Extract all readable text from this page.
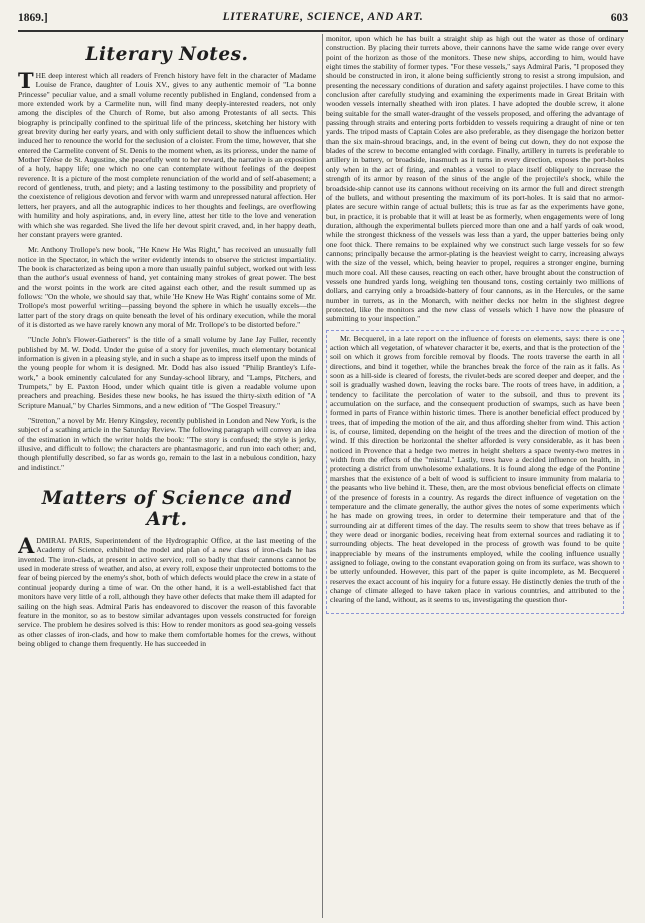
1869.]	LITERATURE, SCIENCE, AND ART.	603
Literary Notes.

THE deep interest which all readers of French history have felt in the character of Madame Louise de France, daughter of Louis XV., gives to any authentic memoir of "La bonne Princesse" peculiar value, and a small volume recently published in England, condensed from a more extended work by a Carmelite nun, will find many deeply-interested readers, not only among the disciples of the Church of Rome, but also among Protestants of all sects. This biography is principally confined to the spiritual life of the princess, sketching her history with great brevity during her early years, and with only sufficient detail to show the influences which induced her to renounce the world for the seclusion of a cloister. From the time, however, that she entered the Carmelite convent of St. Denis to the moment when, as its prioress, under the name of Mother Térèse de St. Augustine, she peacefully went to her reward, the narrative is an exposition of a holy, happy life; one which no one can contemplate without feelings of the deepest reverence. It is a picture of the most complete renunciation of the world and of self-abasement; a record of gentleness, truth, and piety; and a lasting testimony to the possibility and propriety of the coexistence of religious devotion and fervor with warm and unrepressed natural affection. Her letters, her prayers, and all the autographic indices to her thoughts and feelings, are overflowing with humility and holy aspirations, and, in every line, attest her title to the love and veneration with which she was regarded. She lived the life her devout spirit craved, and, in her happy death, her constant prayers were granted.

Mr. Anthony Trollope's new book, "He Knew He Was Right," has received an unusually full notice in the Spectator, in which the writer evidently intends to observe the strictest impartiality. The book is characterized as being upon a more than usually painful subject, worked out with less than the author's usual evenness of hand, yet containing many strokes of great power. The best and the worst points in the work are cited against each other, and the result summed up as follows: "On the whole, we should say that, while 'He Knew He Was Right' contains some of Mr. Trollope's most powerful writing—passing beyond the sphere in which he usually excels—the latter part of the story drags on quite beneath the level of his ordinary execution, while the moral of it is distorted as we have rarely known any moral of Mr. Trollope's to be distorted before."

"Uncle John's Flower-Gatherers" is the title of a small volume by Jane Jay Fuller, recently published by M. W. Dodd. Under the guise of a story for juveniles, much elementary botanical information is given in a pleasing style, and in such a shape as to impress itself upon the minds of the young people for whom it is designed. Mr. Dodd has also issued "Philip Brantley's Life-work," a book eminently calculated for any Sunday-school library, and "Lamps, Pitchers, and Trumpets," by E. Paxton Hood, under which quaint title is given a readable volume upon preachers and preaching. Besides these new books, he has issued the thirty-sixth edition of "A Scripture Manual," by Charles Simmons, and a new edition of "The Gospel Treasury."

"Stretton," a novel by Mr. Henry Kingsley, recently published in London and New York, is the subject of a scathing article in the Saturday Review. The following paragraph will convey an idea of the estimation in which the writer holds the book: "The story is confused; the style is jerky, illusive, and difficult to follow; the characters are phantasmagoric, and run into each other; and, though plentifully described, so far as words go, remain to the last in a nebulous condition, hazy and indistinct."

Matters of Science and Art.

ADMIRAL PARIS, Superintendent of the Hydrographic Office, at the last meeting of the Academy of Science, exhibited the model and plan of a new class of iron-clads he has invented. The iron-clads, at present in active service, roll so badly that their cannons cannot be used in moderate stress of weather, and also, at every roll, expose their unprotected bottoms to the fear of being pierced by the enemy's shot, both of which defects would place the crew in a state of continual jeopardy during a time of war. On the other hand, it is a well-established fact that monitors have very little of a roll, although they have other defects that make them ill adapted for sailing on the high seas. Admiral Paris has endeavored to discover the reason of this favorable feature in the monitor, so as to bestow similar advantages upon vessels constructed for foreign service. The problem he desires solved is this: How to render monitors as good sea-going vessels as other classes of iron-clads, and how to make them comfortable homes for the crews, without being obliged to change them frequently. He has succeeded in

monitor, upon which he has built a straight ship as high out the water as those of ordinary construction. By placing their turrets above, their cannons have the same wide range over every point of the horizon as those of the monitors. These new ships, according to him, would have eight times the stability of former types. "For these vessels," says Admiral Paris, "I proposed they should be constructed in iron, it alone being sufficiently strong to resist a strong impulsion, and presenting the necessary conditions of duration and safety against projectiles. I have come to this conclusion after carefully studying and examining the experiments made in Great Britain with wooden vessels internally sheathed with iron plates. I have adopted the double screw, it alone being suitable for the small water-draught of the vessels proposed, and offering the advantage of passing through straits and entering ports forbidden to vessels requiring a draught of nine or ten yards. The tripod masts of Captain Coles are also preferable, as they disengage the horizon better than the six main-shroud bracings, and, in the event of being cut down, they do not expose the blades of the screw to become entangled with cordage. Finally, artillery in turrets is preferable to artillery in battery, or broadside, inasmuch as it turns in every direction, exposes the port-holes only when in the act of firing, and enables a vessel to place itself obliquely to increase the strength of its armor by reason of the sinus of the angle of the projectile's shock, while the broadside-ship cannot use its cannons without receiving on its armor the full and direct strength of the bullets, and without presenting the maximum of its port-holes. It is said that no armor-plates are secure within range of actual bullets; this is true as far as the experiments have gone, but, in practice, it is probable that it will at least be as formerly, when engagements were of long duration, although the experimental bullets pierced more than one and a half yards of oak wood, while the strongest thickness of the vessels was less than a yard, the upper batteries being only one foot thick. There remains to be explained why we construct such large vessels for so few cannons; principally because the armor-plating is the heaviest weight to carry, increasing always with the size of the vessel, which, being heavier to propel, requires a stronger engine, burning much more coal. All these causes, reacting on each other, have brought about the construction of vessels one hundred yards long, weighing ten thousand tons, costing certainly two millions of dollars, and carrying only a broadside-battery of four cannons, as in the Hercules, or the same number in turrets, as in the Monarch, with neither decks nor helm in the slightest degree protected, like the monitors and the new class of vessels which I have now the pleasure of submitting to your inspection."

Mr. Becquerel, in a late report on the influence of forests on elements, says: there is one action which all vegetation, of whatever character it be, exerts, and that is the protection of the soil on which it grows from forcible removal by floods. The roots traverse the earth in all directions, and bind it together, while the branches break the force of the rain as it falls. As soon as a hill-side is cleared of forests, the rivulet-beds are scored deeper and deeper, and the soil is gradually washed down, leaving the rocks bare. The roots of trees have, in addition, a tendency to facilitate the percolation of water to the subsoil, and thus to prevent its accumulation on the surface, and the consequent production of swamps, such as have been formed in parts of France within historic times. There is another beneficial effect produced by trees, that of impeding the motion of the air, and thus affording shelter from wind. This action is, of course, limited, depending on the height of the trees and the direction of motion of the wind. If this direction be horizontal the shelter afforded is very considerable, as it has been noticed in Provence that a hedge two metres in height shelters a space twenty-two metres in width from the effects of the "mistral." Lastly, trees have a decided influence on health, in protecting a district from unwholesome exhalations. It is found along the edge of the Pontine marshes that the existence of a belt of wood is sufficient to insure immunity from malaria to the peasants who live behind it. These, then, are the most obvious beneficial effects on climate of the presence of forests in a country. As regards the direct influence of vegetation on the temperature and the climate generally, the author gives the notes of some experiments which he has made on growing trees, in order to determine their temperature and that of the surrounding air at different times of the day. The results seem to show that trees behave as if they were dead or inorganic bodies, receiving heat from external sources and radiating it to surrounding objects. The heat developed in the process of growth was found to be quite inappreciable by means of the instruments employed, while the cooling influence usually assigned to foliage, owing to the constant evaporation going on from its surface, was shown to be utterly unfounded. However, this part of the paper is quite incomplete, as M. Becquerel reserves the exact account of his inquiry for a future essay. He distinctly denies the truth of the change of climate alleged to have taken place in various countries, and attributed to the clearing of the land, without, as it seems to us, investigating the question thor-
